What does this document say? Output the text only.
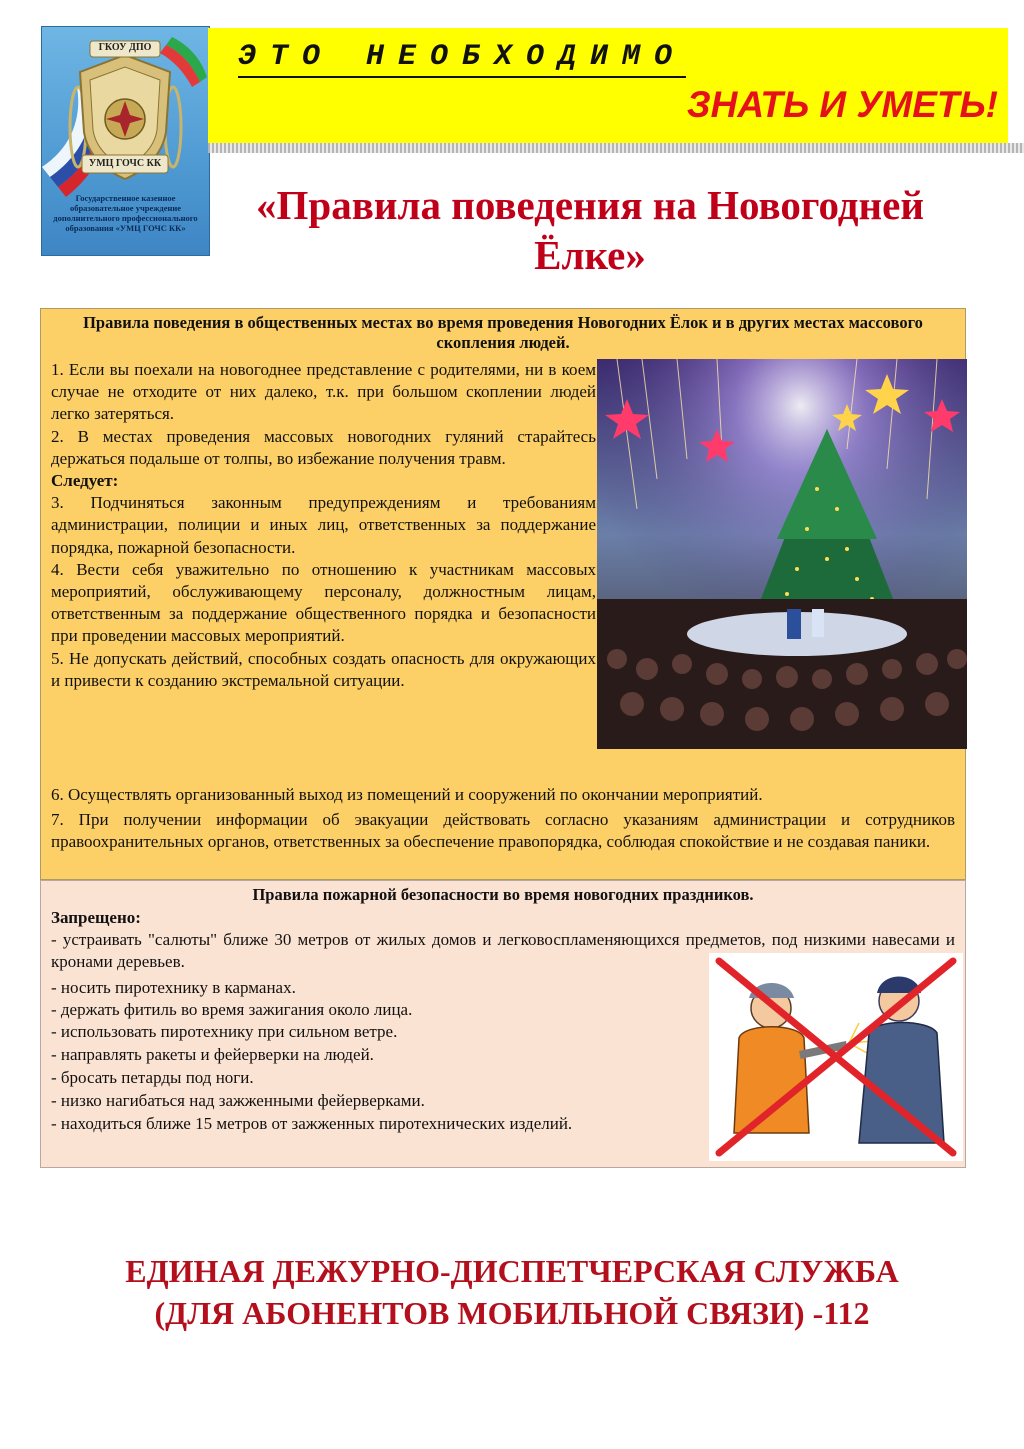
ГКОУ ДПО
УМЦ ГОЧС КК
Государственное казенное образовательное учреждение дополнительного профессионального образования «УМЦ ГОЧС КК»
ЭТО НЕОБХОДИМО
ЗНАТЬ И УМЕТЬ!
«Правила поведения на Новогодней Ёлке»
Правила поведения в общественных местах во время проведения Новогодних Ёлок и в других местах массового скопления людей.
1. Если вы поехали на новогоднее представление с родителями, ни в коем случае не отходите от них далеко, т.к. при большом скоплении людей легко затеряться.
2. В местах проведения массовых новогодних гуляний старайтесь держаться подальше от толпы, во избежание получения травм.
Следует:
3. Подчиняться законным предупреждениям и требованиям администрации, полиции и иных лиц, ответственных за поддержание порядка, пожарной безопасности.
4. Вести себя уважительно по отношению к участникам массовых мероприятий, обслуживающему персоналу, должностным лицам, ответственным за поддержание общественного порядка и безопасности при проведении массовых мероприятий.
5. Не допускать действий, способных создать опасность для окружающих и привести к созданию экстремальной ситуации.
6. Осуществлять организованный выход из помещений и сооружений по окончании мероприятий.
7. При получении информации об эвакуации действовать согласно указаниям администрации и сотрудников правоохранительных органов, ответственных за обеспечение правопорядка, соблюдая спокойствие и не создавая паники.
Правила пожарной безопасности во время новогодних праздников.
Запрещено:
- устраивать "салюты" ближе 30 метров от жилых домов и легковоспламеняющихся предметов, под низкими навесами и кронами деревьев.
- носить пиротехнику в карманах.
- держать фитиль во время зажигания около лица.
- использовать пиротехнику при сильном ветре.
- направлять ракеты и фейерверки на людей.
- бросать петарды под ноги.
- низко нагибаться над зажженными фейерверками.
- находиться ближе 15 метров от зажженных пиротехнических изделий.
ЕДИНАЯ ДЕЖУРНО-ДИСПЕТЧЕРСКАЯ СЛУЖБА
(ДЛЯ АБОНЕНТОВ МОБИЛЬНОЙ СВЯЗИ) -112
